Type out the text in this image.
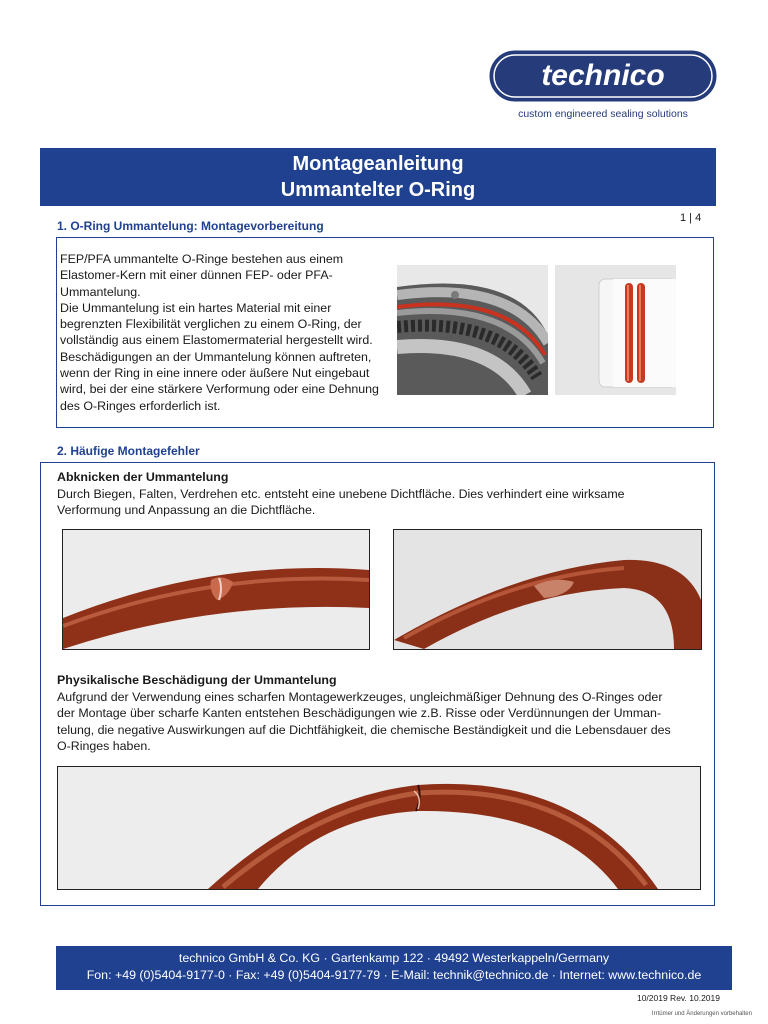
technico
custom engineered sealing solutions
Montageanleitung
Ummantelter O-Ring
1. O-Ring Ummantelung: Montagevorbereitung
1 | 4
FEP/PFA ummantelte O-Ringe bestehen aus einem
Elastomer-Kern mit einer dünnen FEP- oder PFA-
Ummantelung.
Die Ummantelung ist ein hartes Material mit einer
begrenzten Flexibilität verglichen zu einem O-Ring, der
vollständig aus einem Elastomermaterial hergestellt wird.
Beschädigungen an der Ummantelung können auftreten,
wenn der Ring in eine innere oder äußere Nut eingebaut
wird, bei der eine stärkere Verformung oder eine Dehnung
des O-Ringes erforderlich ist.
2. Häufige Montagefehler
Abknicken der Ummantelung
Durch Biegen, Falten, Verdrehen etc. entsteht eine unebene Dichtfläche. Dies verhindert eine wirksame
Verformung und Anpassung an die Dichtfläche.
Physikalische Beschädigung der Ummantelung
Aufgrund der Verwendung eines scharfen Montagewerkzeuges, ungleichmäßiger Dehnung des O-Ringes oder
der Montage über scharfe Kanten entstehen Beschädigungen wie z.B. Risse oder Verdünnungen der Umman-
telung, die negative Auswirkungen auf die Dichtfähigkeit, die chemische Beständigkeit und die Lebensdauer des
O-Ringes haben.
technico GmbH & Co. KG · Gartenkamp 122 · 49492 Westerkappeln/Germany
Fon: +49 (0)5404-9177-0 · Fax: +49 (0)5404-9177-79 · E-Mail: technik@technico.de · Internet: www.technico.de
10/2019 Rev. 10.2019
Irrtümer und Änderungen vorbehalten
